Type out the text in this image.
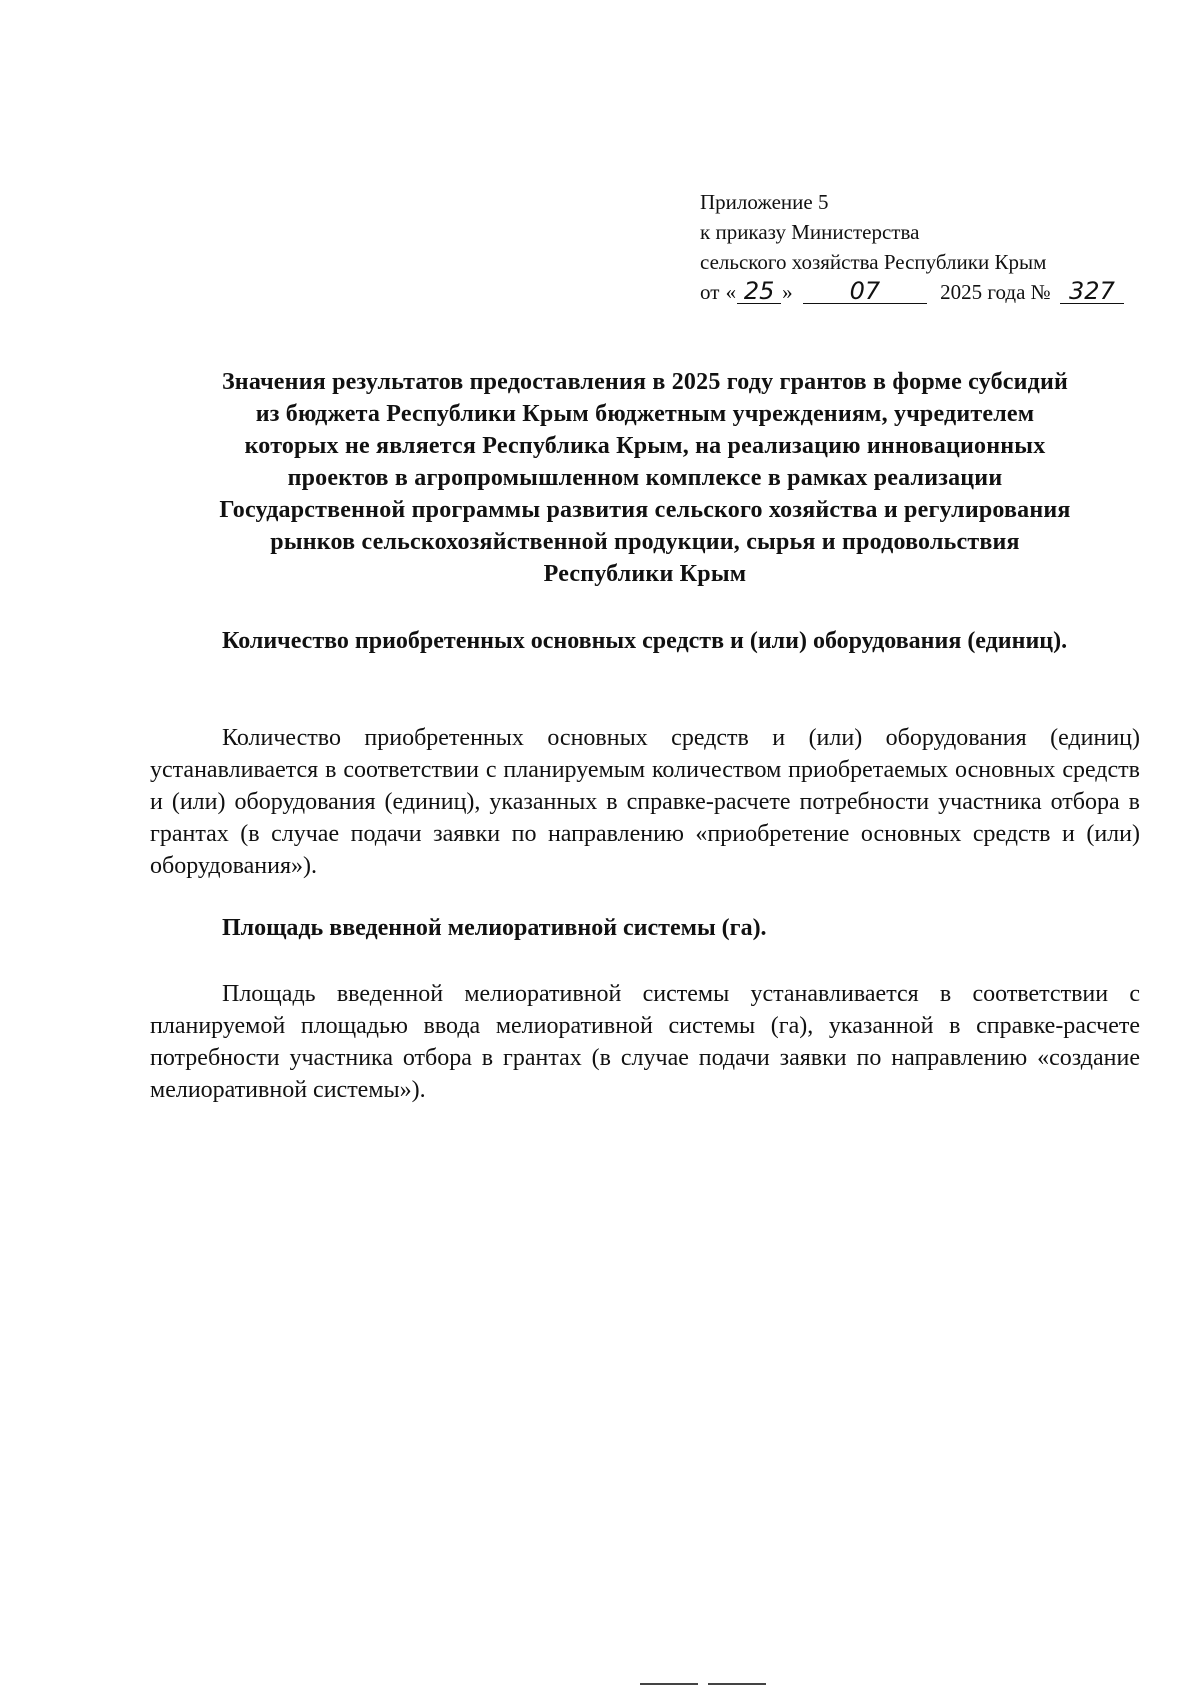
Приложение 5
к приказу Министерства
сельского хозяйства Республики Крым
от « 25 » 07	2025 года № 327
Значения результатов предоставления в 2025 году грантов в форме субсидий
из бюджета Республики Крым бюджетным учреждениям, учредителем
которых не является Республика Крым, на реализацию инновационных
проектов в агропромышленном комплексе в рамках реализации
Государственной программы развития сельского хозяйства и регулирования
рынков сельскохозяйственной продукции, сырья и продовольствия
Республики Крым
Количество приобретенных основных средств и (или) оборудования (единиц).
Количество приобретенных основных средств и (или) оборудования (единиц) устанавливается в соответствии с планируемым количеством приобретаемых основных средств и (или) оборудования (единиц), указанных в справке-расчете потребности участника отбора в грантах (в случае подачи заявки по направлению «приобретение основных средств и (или) оборудования»).
Площадь введенной мелиоративной системы (га).
Площадь введенной мелиоративной системы устанавливается в соответствии с планируемой площадью ввода мелиоративной системы (га), указанной в справке-расчете потребности участника отбора в грантах (в случае подачи заявки по направлению «создание мелиоративной системы»).
